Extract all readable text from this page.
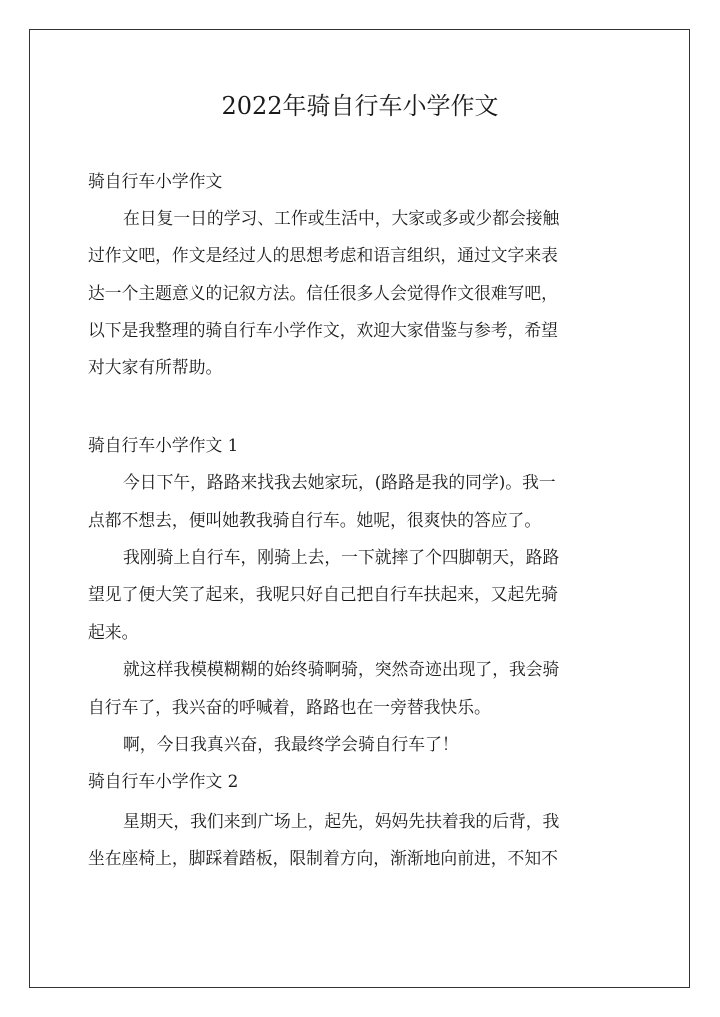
2022年骑自行车小学作文

骑自行车小学作文

在日复一日的学习、工作或生活中，大家或多或少都会接触

过作文吧，作文是经过人的思想考虑和语言组织，通过文字来表

达一个主题意义的记叙方法。信任很多人会觉得作文很难写吧，

以下是我整理的骑自行车小学作文，欢迎大家借鉴与参考，希望

对大家有所帮助。

骑自行车小学作文 1

今日下午，路路来找我去她家玩，(路路是我的同学)。我一

点都不想去，便叫她教我骑自行车。她呢，很爽快的答应了。

我刚骑上自行车，刚骑上去，一下就摔了个四脚朝天，路路

望见了便大笑了起来，我呢只好自己把自行车扶起来，又起先骑

起来。

就这样我模模糊糊的始终骑啊骑，突然奇迹出现了，我会骑

自行车了，我兴奋的呼喊着，路路也在一旁替我快乐。

啊，今日我真兴奋，我最终学会骑自行车了！

骑自行车小学作文 2

星期天，我们来到广场上，起先，妈妈先扶着我的后背，我

坐在座椅上，脚踩着踏板，限制着方向，渐渐地向前进，不知不
